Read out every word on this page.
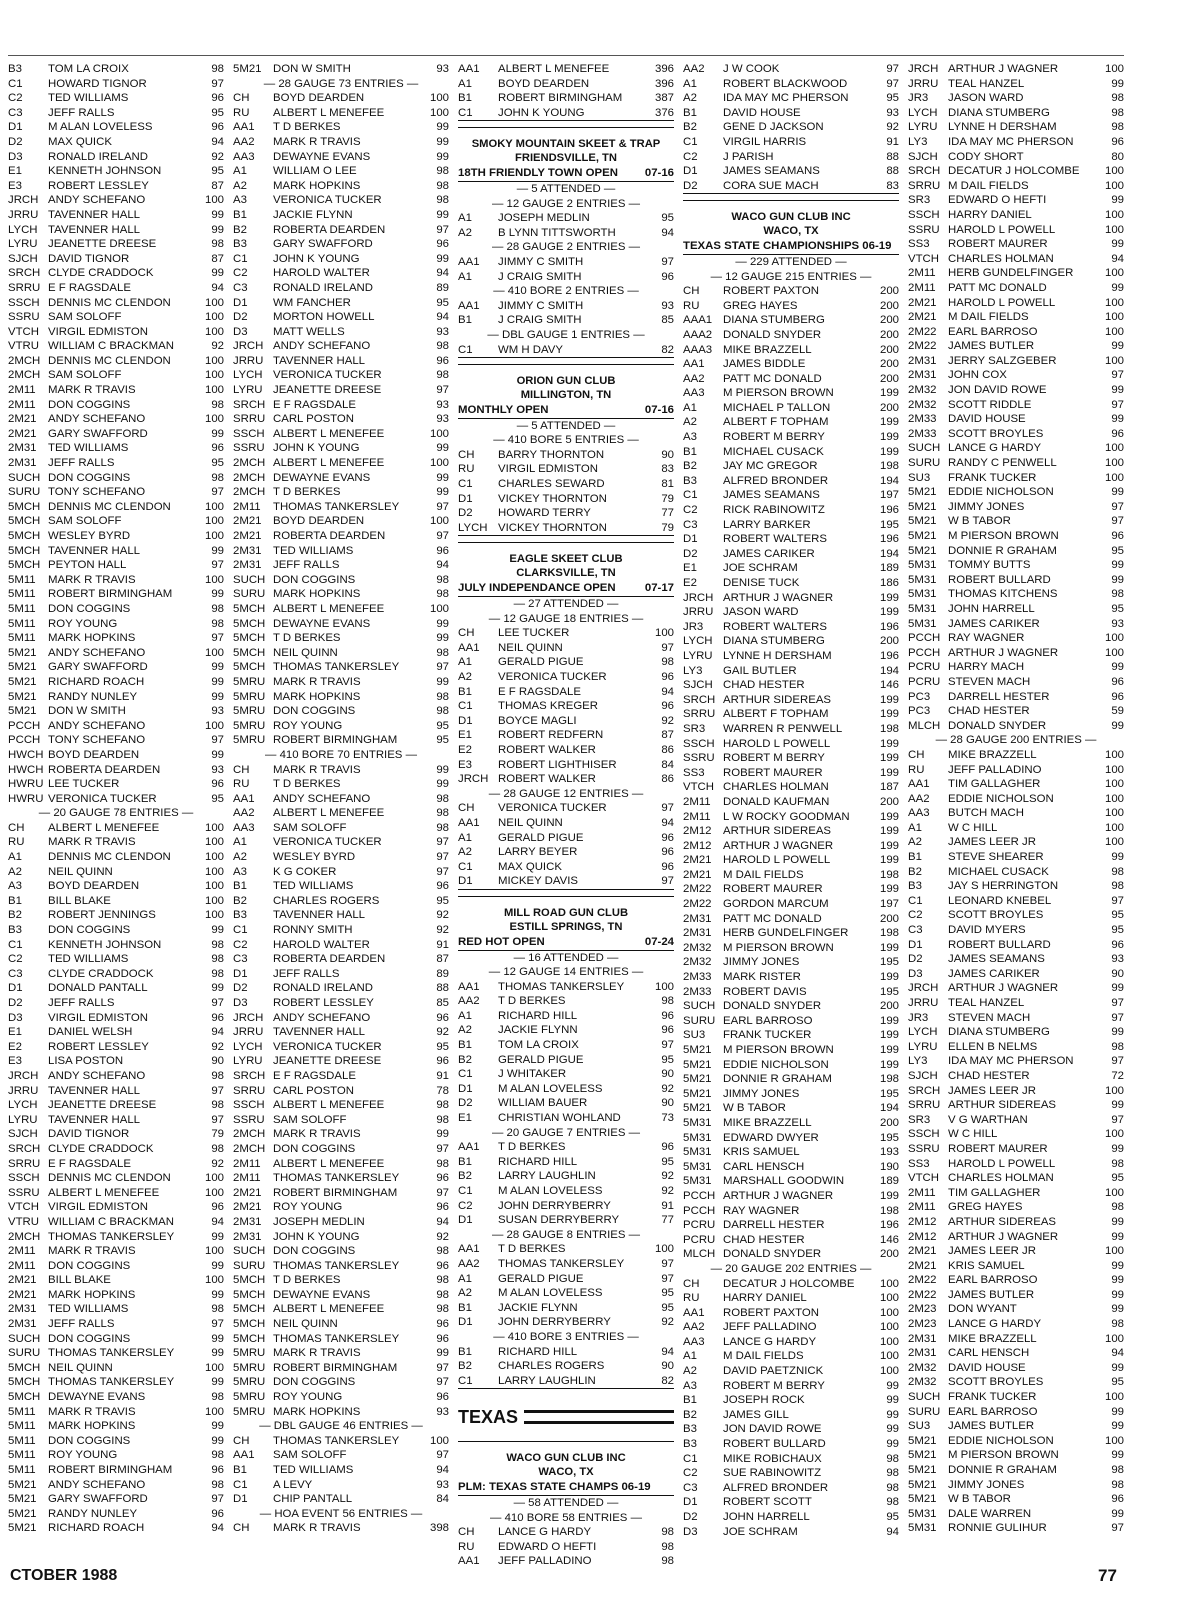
B3	TOM LA CROIX	98
C1	HOWARD TIGNOR	97
C2	TED WILLIAMS	96
C3	JEFF RALLS	95
D1	M ALAN LOVELESS	96
D2	MAX QUICK	94
D3	RONALD IRELAND	92
E1	KENNETH JOHNSON	95
E3	ROBERT LESSLEY	87
JRCH ANDY SCHEFANO	100
JRRU TAVENNER HALL	99
LYCH TAVENNER HALL	99
LYRU JEANETTE DREESE	98
SJCH DAVID TIGNOR	87
SRCH CLYDE CRADDOCK	99
SRRU E F RAGSDALE	94
SSCH DENNIS MC CLENDON	100
SSRU SAM SOLOFF	100
VTCH VIRGIL EDMISTON	100
VTRU WILLIAM C BRACKMAN	92
2MCH DENNIS MC CLENDON	100
2MCH SAM SOLOFF	100
2M11	MARK R TRAVIS	100
2M11	DON COGGINS	98
2M21	ANDY SCHEFANO	100
2M21	GARY SWAFFORD	99
2M31	TED WILLIAMS	96
2M31	JEFF RALLS	95
SUCH DON COGGINS	98
SURU TONY SCHEFANO	97
5MCH DENNIS MC CLENDON	100
5MCH SAM SOLOFF	100
5MCH WESLEY BYRD	100
5MCH TAVENNER HALL	99
5MCH PEYTON HALL	97
5M11	MARK R TRAVIS	100
5M11	ROBERT BIRMINGHAM	99
5M11	DON COGGINS	98
5M11	ROY YOUNG	98
5M11	MARK HOPKINS	97
5M21	ANDY SCHEFANO	100
5M21	GARY SWAFFORD	99
5M21	RICHARD ROACH	99
5M21	RANDY NUNLEY	99
5M21	DON W SMITH	93
PCCH ANDY SCHEFANO	100
PCCH TONY SCHEFANO	97
HWCH BOYD DEARDEN	99
HWCH ROBERTA DEARDEN	93
HWRU LEE TUCKER	96
HWRU VERONICA TUCKER	95
— 20 GAUGE 78 ENTRIES —
CH	ALBERT L MENEFEE	100
RU	MARK R TRAVIS	100
A1	DENNIS MC CLENDON	100
A2	NEIL QUINN	100
A3	BOYD DEARDEN	100
B1	BILL BLAKE	100
B2	ROBERT JENNINGS	100
B3	DON COGGINS	99
C1	KENNETH JOHNSON	98
C2	TED WILLIAMS	98
C3	CLYDE CRADDOCK	98
D1	DONALD PANTALL	99
D2	JEFF RALLS	97
D3	VIRGIL EDMISTON	96
E1	DANIEL WELSH	94
E2	ROBERT LESSLEY	92
E3	LISA POSTON	90
JRCH ANDY SCHEFANO	98
JRRU TAVENNER HALL	97
LYCH JEANETTE DREESE	98
LYRU TAVENNER HALL	97
SJCH DAVID TIGNOR	79
SRCH CLYDE CRADDOCK	98
SRRU E F RAGSDALE	92
SSCH DENNIS MC CLENDON	100
SSRU ALBERT L MENEFEE	100
VTCH VIRGIL EDMISTON	96
VTRU WILLIAM C BRACKMAN	94
2MCH THOMAS TANKERSLEY	99
2M11	MARK R TRAVIS	100
2M11	DON COGGINS	99
2M21	BILL BLAKE	100
2M21	MARK HOPKINS	99
2M31	TED WILLIAMS	98
2M31	JEFF RALLS	97
SUCH DON COGGINS	99
SURU THOMAS TANKERSLEY	99
5MCH NEIL QUINN	100
5MCH THOMAS TANKERSLEY	99
5MCH DEWAYNE EVANS	98
5M11	MARK R TRAVIS	100
5M11	MARK HOPKINS	99
5M11	DON COGGINS	99
5M11	ROY YOUNG	98
5M11	ROBERT BIRMINGHAM	96
5M21	ANDY SCHEFANO	98
5M21	GARY SWAFFORD	97
5M21	RANDY NUNLEY	96
5M21	RICHARD ROACH	94
5M21	DON W SMITH	93
— 28 GAUGE 73 ENTRIES —
CH	BOYD DEARDEN	100
RU	ALBERT L MENEFEE	100
AA1	T D BERKES	99
AA2	MARK R TRAVIS	99
AA3	DEWAYNE EVANS	99
A1	WILLIAM O LEE	98
A2	MARK HOPKINS	98
A3	VERONICA TUCKER	98
B1	JACKIE FLYNN	99
B2	ROBERTA DEARDEN	97
B3	GARY SWAFFORD	96
C1	JOHN K YOUNG	99
C2	HAROLD WALTER	94
C3	RONALD IRELAND	89
D1	WM FANCHER	95
D2	MORTON HOWELL	94
D3	MATT WELLS	93
JRCH ANDY SCHEFANO	98
JRRU TAVENNER HALL	96
LYCH VERONICA TUCKER	98
LYRU JEANETTE DREESE	97
SRCH E F RAGSDALE	93
SRRU CARL POSTON	93
SSCH ALBERT L MENEFEE	100
SSRU JOHN K YOUNG	99
2MCH ALBERT L MENEFEE	100
2MCH DEWAYNE EVANS	99
2MCH T D BERKES	99
2M11	THOMAS TANKERSLEY	97
2M21	BOYD DEARDEN	100
2M21	ROBERTA DEARDEN	97
2M31	TED WILLIAMS	96
2M31	JEFF RALLS	94
SUCH DON COGGINS	98
SURU MARK HOPKINS	98
5MCH ALBERT L MENEFEE	100
5MCH DEWAYNE EVANS	99
5MCH T D BERKES	99
5MCH NEIL QUINN	98
5MCH THOMAS TANKERSLEY	97
5MRU MARK R TRAVIS	99
5MRU MARK HOPKINS	98
5MRU DON COGGINS	98
5MRU ROY YOUNG	95
5MRU ROBERT BIRMINGHAM	95
— 410 BORE 70 ENTRIES —
CH	MARK R TRAVIS	99
RU	T D BERKES	99
AA1	ANDY SCHEFANO	98
AA2	ALBERT L MENEFEE	98
AA3	SAM SOLOFF	98
A1	VERONICA TUCKER	97
A2	WESLEY BYRD	97
A3	K G COKER	97
B1	TED WILLIAMS	96
B2	CHARLES ROGERS	95
B3	TAVENNER HALL	92
C1	RONNY SMITH	92
C2	HAROLD WALTER	91
C3	ROBERTA DEARDEN	87
D1	JEFF RALLS	89
D2	RONALD IRELAND	88
D3	ROBERT LESSLEY	85
JRCH ANDY SCHEFANO	96
JRRU TAVENNER HALL	92
LYCH VERONICA TUCKER	95
LYRU JEANETTE DREESE	96
SRCH E F RAGSDALE	91
SRRU CARL POSTON	78
SSCH ALBERT L MENEFEE	98
SSRU SAM SOLOFF	98
2MCH MARK R TRAVIS	99
2MCH DON COGGINS	97
2M11	ALBERT L MENEFEE	98
2M11	THOMAS TANKERSLEY	96
2M21	ROBERT BIRMINGHAM	97
2M21	ROY YOUNG	96
2M31	JOSEPH MEDLIN	94
2M31	JOHN K YOUNG	92
SUCH DON COGGINS	98
SURU THOMAS TANKERSLEY	96
5MCH T D BERKES	98
5MCH DEWAYNE EVANS	98
5MCH ALBERT L MENEFEE	98
5MCH NEIL QUINN	96
5MCH THOMAS TANKERSLEY	96
5MRU MARK R TRAVIS	99
5MRU ROBERT BIRMINGHAM	97
5MRU DON COGGINS	97
5MRU ROY YOUNG	96
5MRU MARK HOPKINS	93
— DBL GAUGE 46 ENTRIES —
CH	THOMAS TANKERSLEY	100
AA1	SAM SOLOFF	97
B1	TED WILLIAMS	94
C1	A LEVY	93
D1	CHIP PANTALL	84
— HOA EVENT 56 ENTRIES —
CH	MARK R TRAVIS	398
AA1	ALBERT L MENEFEE	396
A1	BOYD DEARDEN	396
B1	ROBERT BIRMINGHAM	387
C1	JOHN K YOUNG	376
SMOKY MOUNTAIN SKEET & TRAP
FRIENDSVILLE, TN
18TH FRIENDLY TOWN OPEN 07-16
— 5 ATTENDED —
— 12 GAUGE 2 ENTRIES —
A1	JOSEPH MEDLIN	95
A2	B LYNN TITTSWORTH	94
— 28 GAUGE 2 ENTRIES —
AA1	JIMMY C SMITH	97
A1	J CRAIG SMITH	96
— 410 BORE 2 ENTRIES —
AA1	JIMMY C SMITH	93
B1	J CRAIG SMITH	85
— DBL GAUGE 1 ENTRIES —
C1	WM H DAVY	82
ORION GUN CLUB
MILLINGTON, TN
MONTHLY OPEN	07-16
— 5 ATTENDED —
— 410 BORE 5 ENTRIES —
CH	BARRY THORNTON	90
RU	VIRGIL EDMISTON	83
C1	CHARLES SEWARD	81
D1	VICKEY THORNTON	79
D2	HOWARD TERRY	77
LYCH VICKEY THORNTON	79
EAGLE SKEET CLUB
CLARKSVILLE, TN
JULY INDEPENDANCE OPEN	07-17
— 27 ATTENDED —
— 12 GAUGE 18 ENTRIES —
CH	LEE TUCKER	100
AA1	NEIL QUINN	97
A1	GERALD PIGUE	98
A2	VERONICA TUCKER	96
B1	E F RAGSDALE	94
C1	THOMAS KREGER	96
D1	BOYCE MAGLI	92
E1	ROBERT REDFERN	87
E2	ROBERT WALKER	86
E3	ROBERT LIGHTHISER	84
JRCH ROBERT WALKER	86
— 28 GAUGE 12 ENTRIES —
CH	VERONICA TUCKER	97
AA1	NEIL QUINN	94
A1	GERALD PIGUE	96
A2	LARRY BEYER	96
C1	MAX QUICK	96
D1	MICKEY DAVIS	97
MILL ROAD GUN CLUB
ESTILL SPRINGS, TN
RED HOT OPEN	07-24
— 16 ATTENDED —
— 12 GAUGE 14 ENTRIES —
AA1	THOMAS TANKERSLEY	100
AA2	T D BERKES	98
A1	RICHARD HILL	96
A2	JACKIE FLYNN	96
B1	TOM LA CROIX	97
B2	GERALD PIGUE	95
C1	J WHITAKER	90
D1	M ALAN LOVELESS	92
D2	WILLIAM BAUER	90
E1	CHRISTIAN WOHLAND	73
— 20 GAUGE 7 ENTRIES —
AA1	T D BERKES	96
B1	RICHARD HILL	95
B2	LARRY LAUGHLIN	92
C1	M ALAN LOVELESS	92
C2	JOHN DERRYBERRY	91
D1	SUSAN DERRYBERRY	77
— 28 GAUGE 8 ENTRIES —
AA1	T D BERKES	100
AA2	THOMAS TANKERSLEY	97
A1	GERALD PIGUE	97
A2	M ALAN LOVELESS	95
B1	JACKIE FLYNN	95
D1	JOHN DERRYBERRY	92
— 410 BORE 3 ENTRIES —
B1	RICHARD HILL	94
B2	CHARLES ROGERS	90
C1	LARRY LAUGHLIN	82
TEXAS
WACO GUN CLUB INC
WACO, TX
PLM: TEXAS STATE CHAMPS 06-19
— 58 ATTENDED —
— 410 BORE 58 ENTRIES —
CH	LANCE G HARDY	98
RU	EDWARD O HEFTI	98
AA1	JEFF PALLADINO	98
AA2	J W COOK	97
A1	ROBERT BLACKWOOD	97
A2	IDA MAY MC PHERSON	95
B1	DAVID HOUSE	93
B2	GENE D JACKSON	92
C1	VIRGIL HARRIS	91
C2	J PARISH	88
D1	JAMES SEAMANS	88
D2	CORA SUE MACH	83
WACO GUN CLUB INC
WACO, TX
TEXAS STATE CHAMPIONSHIPS 06-19
— 229 ATTENDED —
— 12 GAUGE 215 ENTRIES —
CH	ROBERT PAXTON	200
RU	GREG HAYES	200
AAA1 DIANA STUMBERG	200
AAA2 DONALD SNYDER	200
AAA3 MIKE BRAZZELL	200
AA1	JAMES BIDDLE	200
AA2	PATT MC DONALD	200
AA3	M PIERSON BROWN	199
A1	MICHAEL P TALLON	200
A2	ALBERT F TOPHAM	199
A3	ROBERT M BERRY	199
B1	MICHAEL CUSACK	199
B2	JAY MC GREGOR	198
B3	ALFRED BRONDER	194
C1	JAMES SEAMANS	197
C2	RICK RABINOWITZ	196
C3	LARRY BARKER	195
D1	ROBERT WALTERS	196
D2	JAMES CARIKER	194
E1	JOE SCHRAM	189
E2	DENISE TUCK	186
JRCH ARTHUR J WAGNER	199
JRRU JASON WARD	199
JR3	ROBERT WALTERS	196
LYCH DIANA STUMBERG	200
LYRU LYNNE H DERSHAM	196
LY3	GAIL BUTLER	194
SJCH CHAD HESTER	146
SRCH ARTHUR SIDEREAS	199
SRRU ALBERT F TOPHAM	199
SR3	WARREN R PENWELL	198
SSCH HAROLD L POWELL	199
SSRU ROBERT M BERRY	199
SS3	ROBERT MAURER	199
VTCH CHARLES HOLMAN	187
2M11	DONALD KAUFMAN	200
2M11	L W ROCKY GOODMAN	199
2M12	ARTHUR SIDEREAS	199
2M12	ARTHUR J WAGNER	199
2M21	HAROLD L POWELL	199
2M21	M DAIL FIELDS	198
2M22	ROBERT MAURER	199
2M22	GORDON MARCUM	197
2M31	PATT MC DONALD	200
2M31	HERB GUNDELFINGER	198
2M32	M PIERSON BROWN	199
2M32	JIMMY JONES	195
2M33	MARK RISTER	199
2M33	ROBERT DAVIS	195
SUCH DONALD SNYDER	200
SURU EARL BARROSO	199
SU3	FRANK TUCKER	199
5M21	M PIERSON BROWN	199
5M21	EDDIE NICHOLSON	199
5M21	DONNIE R GRAHAM	198
5M21	JIMMY JONES	195
5M21	W B TABOR	194
5M31	MIKE BRAZZELL	200
5M31	EDWARD DWYER	195
5M31	KRIS SAMUEL	193
5M31	CARL HENSCH	190
5M31	MARSHALL GOODWIN	189
PCCH ARTHUR J WAGNER	199
PCCH RAY WAGNER	198
PCRU DARRELL HESTER	196
PCRU CHAD HESTER	146
MLCH DONALD SNYDER	200
— 20 GAUGE 202 ENTRIES —
CH	DECATUR J HOLCOMBE	100
RU	HARRY DANIEL	100
AA1	ROBERT PAXTON	100
AA2	JEFF PALLADINO	100
AA3	LANCE G HARDY	100
A1	M DAIL FIELDS	100
A2	DAVID PAETZNICK	100
A3	ROBERT M BERRY	99
B1	JOSEPH ROCK	99
B2	JAMES GILL	99
B3	JON DAVID ROWE	99
B3	ROBERT BULLARD	99
C1	MIKE ROBICHAUX	98
C2	SUE RABINOWITZ	98
C3	ALFRED BRONDER	98
D1	ROBERT SCOTT	98
D2	JOHN HARRELL	95
D3	JOE SCHRAM	94
JRCH ARTHUR J WAGNER	100
JRRU TEAL HANZEL	99
JR3	JASON WARD	98
LYCH DIANA STUMBERG	98
LYRU LYNNE H DERSHAM	98
LY3	IDA MAY MC PHERSON	96
SJCH CODY SHORT	80
SRCH DECATUR J HOLCOMBE	100
SRRU M DAIL FIELDS	100
SR3	EDWARD O HEFTI	99
SSCH HARRY DANIEL	100
SSRU HAROLD L POWELL	100
SS3	ROBERT MAURER	99
VTCH CHARLES HOLMAN	94
2M11	HERB GUNDELFINGER	100
2M11	PATT MC DONALD	99
2M21	HAROLD L POWELL	100
2M21	M DAIL FIELDS	100
2M22	EARL BARROSO	100
2M22	JAMES BUTLER	99
2M31	JERRY SALZGEBER	100
2M31	JOHN COX	97
2M32	JON DAVID ROWE	99
2M32	SCOTT RIDDLE	97
2M33	DAVID HOUSE	99
2M33	SCOTT BROYLES	96
SUCH LANCE G HARDY	100
SURU RANDY C PENWELL	100
SU3	FRANK TUCKER	100
5M21	EDDIE NICHOLSON	99
5M21	JIMMY JONES	97
5M21	W B TABOR	97
5M21	M PIERSON BROWN	96
5M21	DONNIE R GRAHAM	95
5M31	TOMMY BUTTS	99
5M31	ROBERT BULLARD	99
5M31	THOMAS KITCHENS	98
5M31	JOHN HARRELL	95
5M31	JAMES CARIKER	93
PCCH RAY WAGNER	100
PCCH ARTHUR J WAGNER	100
PCRU HARRY MACH	99
PCRU STEVEN MACH	96
PC3	DARRELL HESTER	96
PC3	CHAD HESTER	59
MLCH DONALD SNYDER	99
— 28 GAUGE 200 ENTRIES —
CH	MIKE BRAZZELL	100
RU	JEFF PALLADINO	100
AA1	TIM GALLAGHER	100
AA2	EDDIE NICHOLSON	100
AA3	BUTCH MACH	100
A1	W C HILL	100
A2	JAMES LEER JR	100
B1	STEVE SHEARER	99
B2	MICHAEL CUSACK	98
B3	JAY S HERRINGTON	98
C1	LEONARD KNEBEL	97
C2	SCOTT BROYLES	95
C3	DAVID MYERS	95
D1	ROBERT BULLARD	96
D2	JAMES SEAMANS	93
D3	JAMES CARIKER	90
JRCH ARTHUR J WAGNER	99
JRRU TEAL HANZEL	97
JR3	STEVEN MACH	97
LYCH DIANA STUMBERG	99
LYRU ELLEN B NELMS	98
LY3	IDA MAY MC PHERSON	97
SJCH CHAD HESTER	72
SRCH JAMES LEER JR	100
SRRU ARTHUR SIDEREAS	99
SR3	V G WARTHAN	97
SSCH W C HILL	100
SSRU ROBERT MAURER	99
SS3	HAROLD L POWELL	98
VTCH CHARLES HOLMAN	95
2M11	TIM GALLAGHER	100
2M11	GREG HAYES	98
2M12	ARTHUR SIDEREAS	99
2M12	ARTHUR J WAGNER	99
2M21	JAMES LEER JR	100
2M21	KRIS SAMUEL	99
2M22	EARL BARROSO	99
2M22	JAMES BUTLER	99
2M23	DON WYANT	99
2M23	LANCE G HARDY	98
2M31	MIKE BRAZZELL	100
2M31	CARL HENSCH	94
2M32	DAVID HOUSE	99
2M32	SCOTT BROYLES	95
SUCH FRANK TUCKER	100
SURU EARL BARROSO	99
SU3	JAMES BUTLER	99
5M21	EDDIE NICHOLSON	100
5M21	M PIERSON BROWN	99
5M21	DONNIE R GRAHAM	98
5M21	JIMMY JONES	98
5M21	W B TABOR	96
5M31	DALE WARREN	99
5M31	RONNIE GULIHUR	97
CTOBER 1988	77
